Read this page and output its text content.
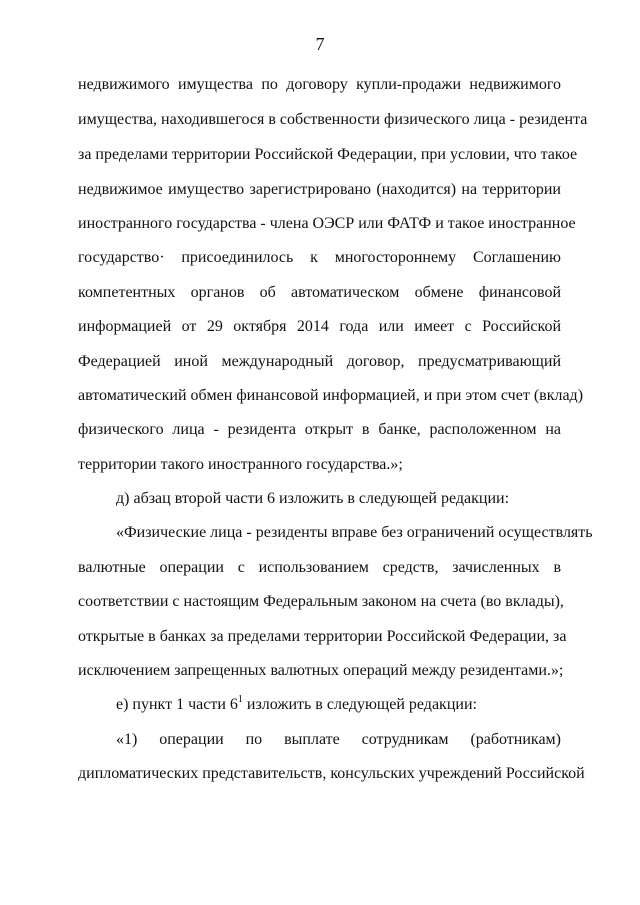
7
недвижимого имущества по договору купли-продажи недвижимого
имущества, находившегося в собственности физического лица - резидента
за пределами территории Российской Федерации, при условии, что такое
недвижимое имущество зарегистрировано (находится) на территории
иностранного государства - члена ОЭСР или ФАТФ и такое иностранное
государство· присоединилось к многостороннему Соглашению
компетентных органов об автоматическом обмене финансовой
информацией от 29 октября 2014 года или имеет с Российской
Федерацией иной международный договор, предусматривающий
автоматический обмен финансовой информацией, и при этом счет (вклад)
физического лица - резидента открыт в банке, расположенном на
территории такого иностранного государства.»;
д) абзац второй части 6 изложить в следующей редакции:
«Физические лица - резиденты вправе без ограничений осуществлять
валютные операции с использованием средств, зачисленных в
соответствии с настоящим Федеральным законом на счета (во вклады),
открытые в банках за пределами территории Российской Федерации, за
исключением запрещенных валютных операций между резидентами.»;
е) пункт 1 части $6^1$ изложить в следующей редакции:
«1) операции по выплате сотрудникам (работникам)
дипломатических представительств, консульских учреждений Российской
